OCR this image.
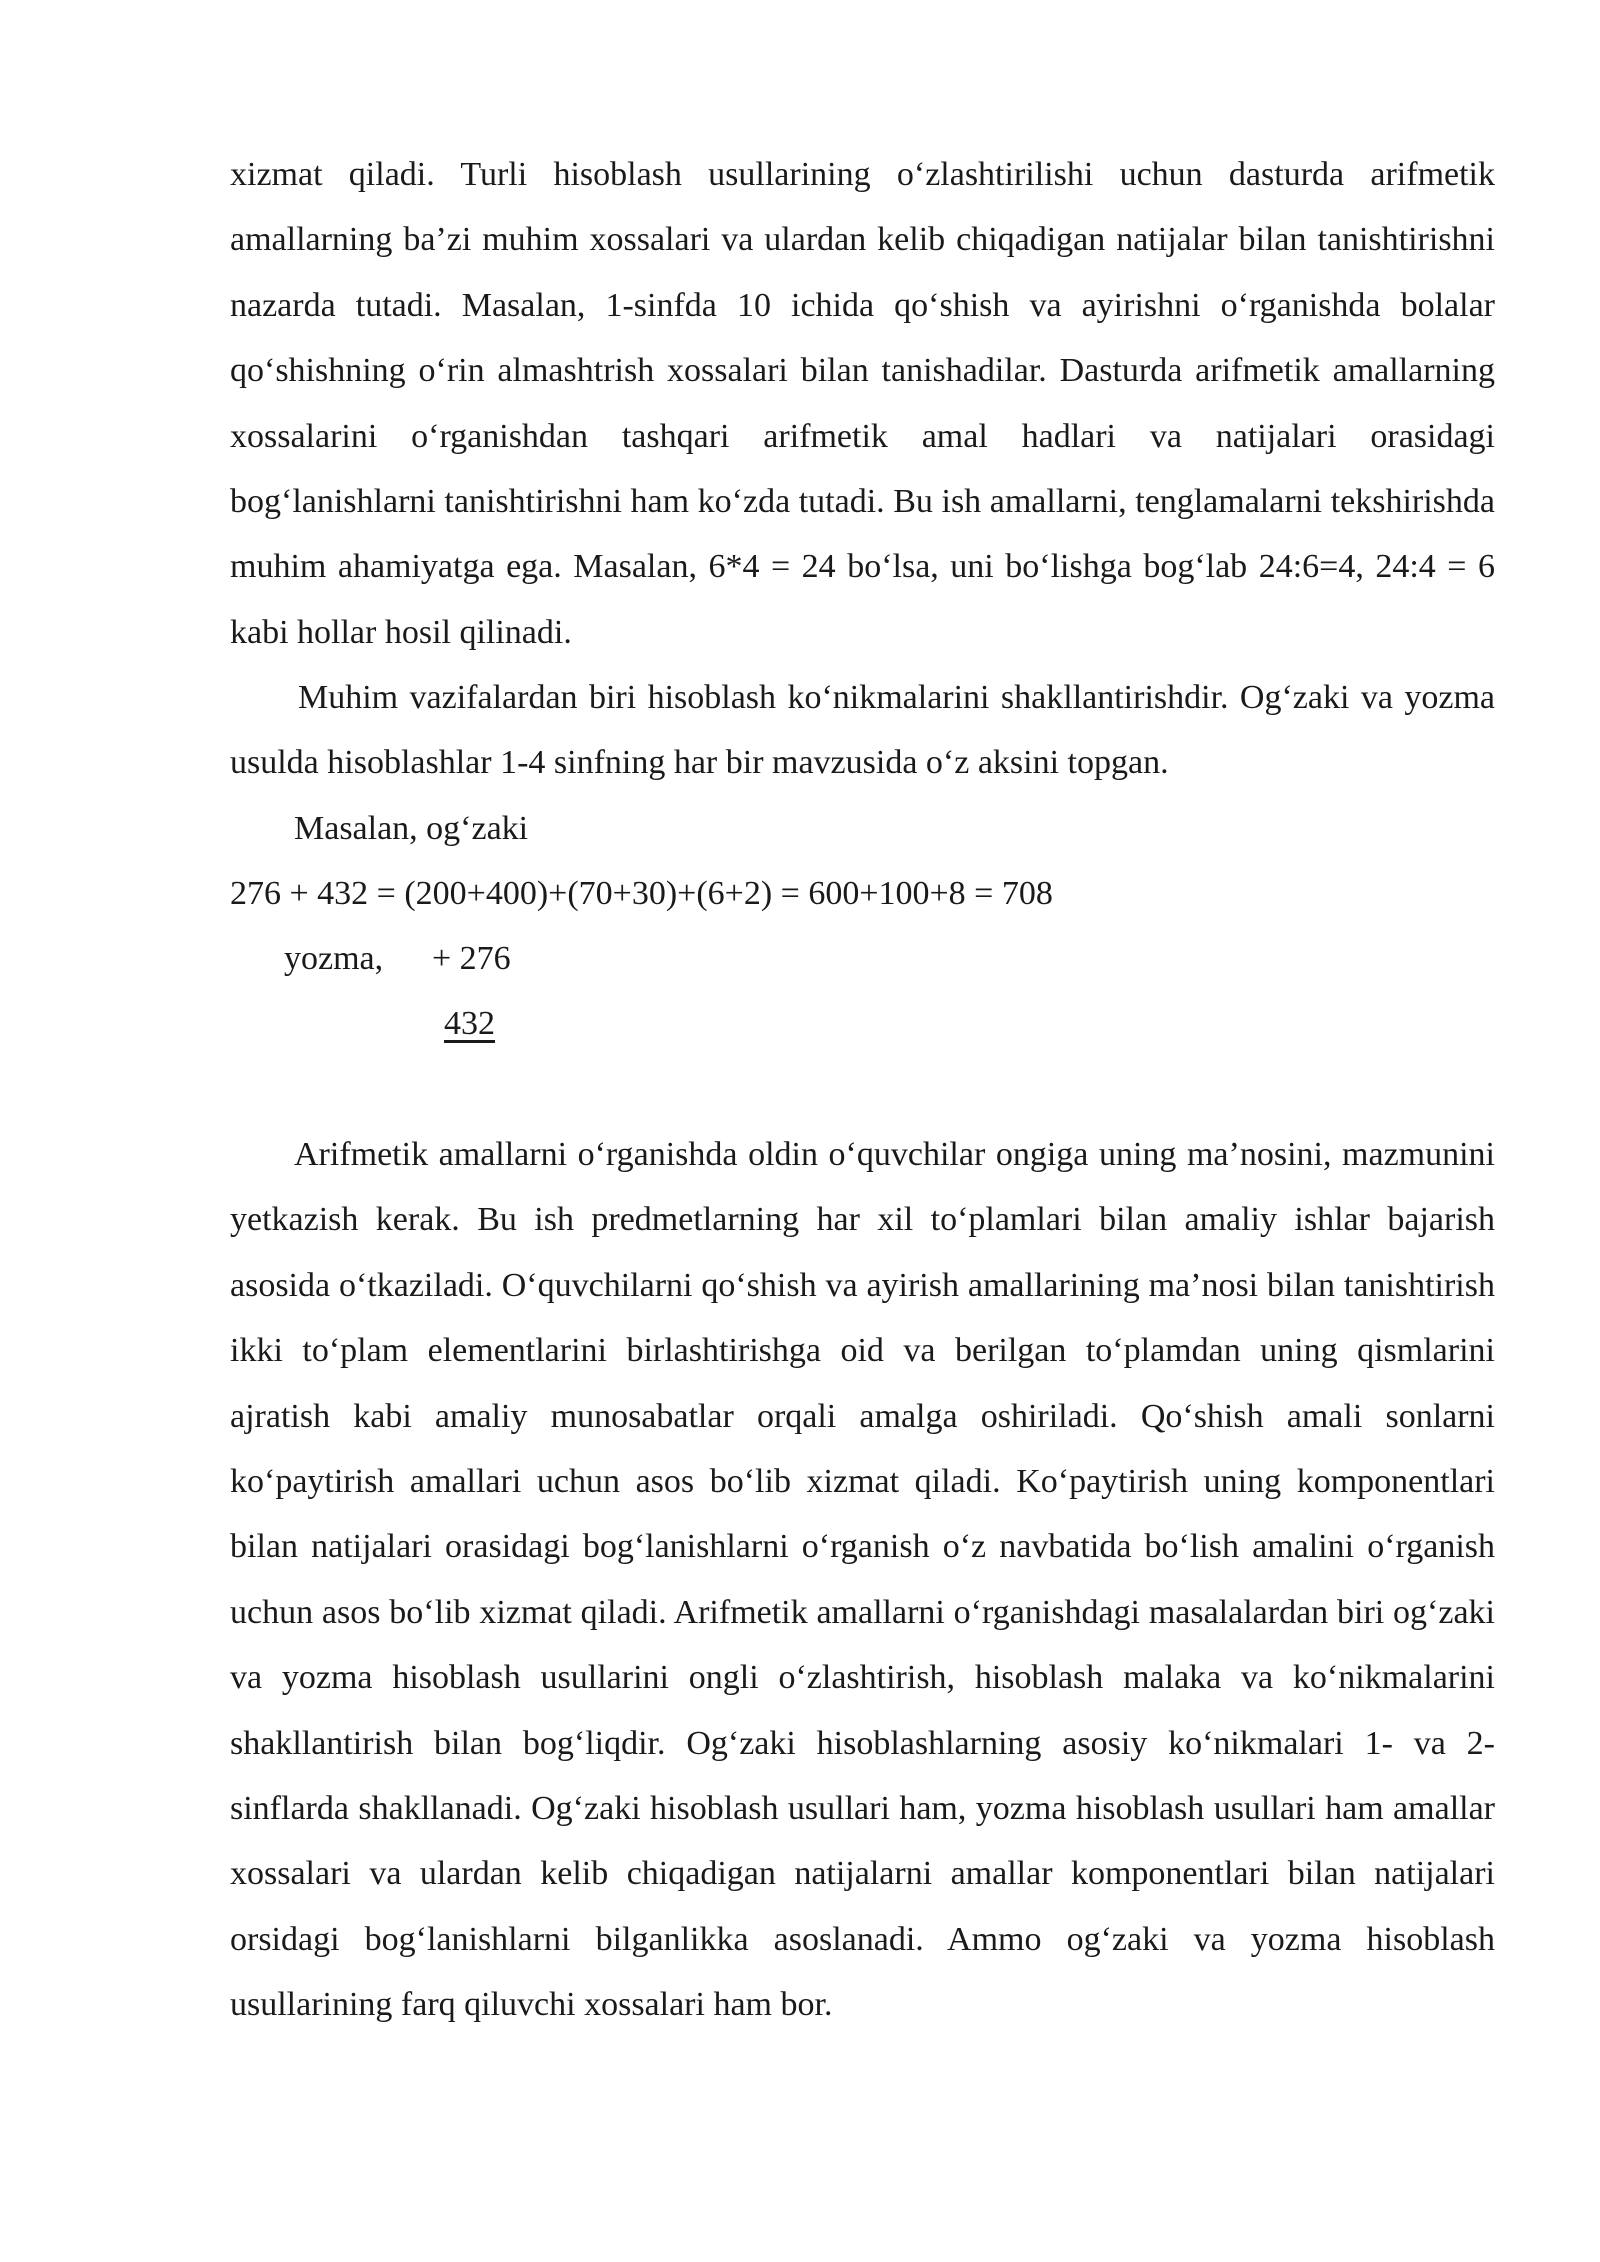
xizmat qiladi. Turli hisoblash usullarining o‘zlashtirilishi uchun dasturda arifmetik amallarning ba’zi muhim xossalari va ulardan kelib chiqadigan natijalar bilan tanishtirishni nazarda tutadi. Masalan, 1-sinfda 10 ichida qo‘shish va ayirishni o‘rganishda bolalar qo‘shishning o‘rin almashtrish xossalari bilan tanishadilar. Dasturda arifmetik amallarning xossalarini o‘rganishdan tashqari arifmetik amal hadlari va natijalari orasidagi bog‘lanishlarni tanishtirishni ham ko‘zda tutadi. Bu ish amallarni, tenglamalarni tekshirishda muhim ahamiyatga ega. Masalan, 6*4 = 24 bo‘lsa, uni bo‘lishga bog‘lab 24:6=4, 24:4 = 6 kabi hollar hosil qilinadi.

Muhim vazifalardan biri hisoblash ko‘nikmalarini shakllantirishdir. Og‘zaki va yozma usulda hisoblashlar 1-4 sinfning har bir mavzusida o‘z aksini topgan.

Masalan, og‘zaki
276 + 432 = (200+400)+(70+30)+(6+2) = 600+100+8 = 708
yozma, + 276
432

Arifmetik amallarni o‘rganishda oldin o‘quvchilar ongiga uning ma’nosini, mazmunini yetkazish kerak. Bu ish predmetlarning har xil to‘plamlari bilan amaliy ishlar bajarish asosida o‘tkaziladi. O‘quvchilarni qo‘shish va ayirish amallarining ma’nosi bilan tanishtirish ikki to‘plam elementlarini birlashtirishga oid va berilgan to‘plamdan uning qismlarini ajratish kabi amaliy munosabatlar orqali amalga oshiriladi. Qo‘shish amali sonlarni ko‘paytirish amallari uchun asos bo‘lib xizmat qiladi. Ko‘paytirish uning komponentlari bilan natijalari orasidagi bog‘lanishlarni o‘rganish o‘z navbatida bo‘lish amalini o‘rganish uchun asos bo‘lib xizmat qiladi. Arifmetik amallarni o‘rganishdagi masalalardan biri og‘zaki va yozma hisoblash usullarini ongli o‘zlashtirish, hisoblash malaka va ko‘nikmalarini shakllantirish bilan bog‘liqdir. Og‘zaki hisoblashlarning asosiy ko‘nikmalari 1- va 2-sinflarda shakllanadi. Og‘zaki hisoblash usullari ham, yozma hisoblash usullari ham amallar xossalari va ulardan kelib chiqadigan natijalarni amallar komponentlari bilan natijalari orsidagi bog‘lanishlarni bilganlikka asoslanadi. Ammo og‘zaki va yozma hisoblash usullarining farq qiluvchi xossalari ham bor.
